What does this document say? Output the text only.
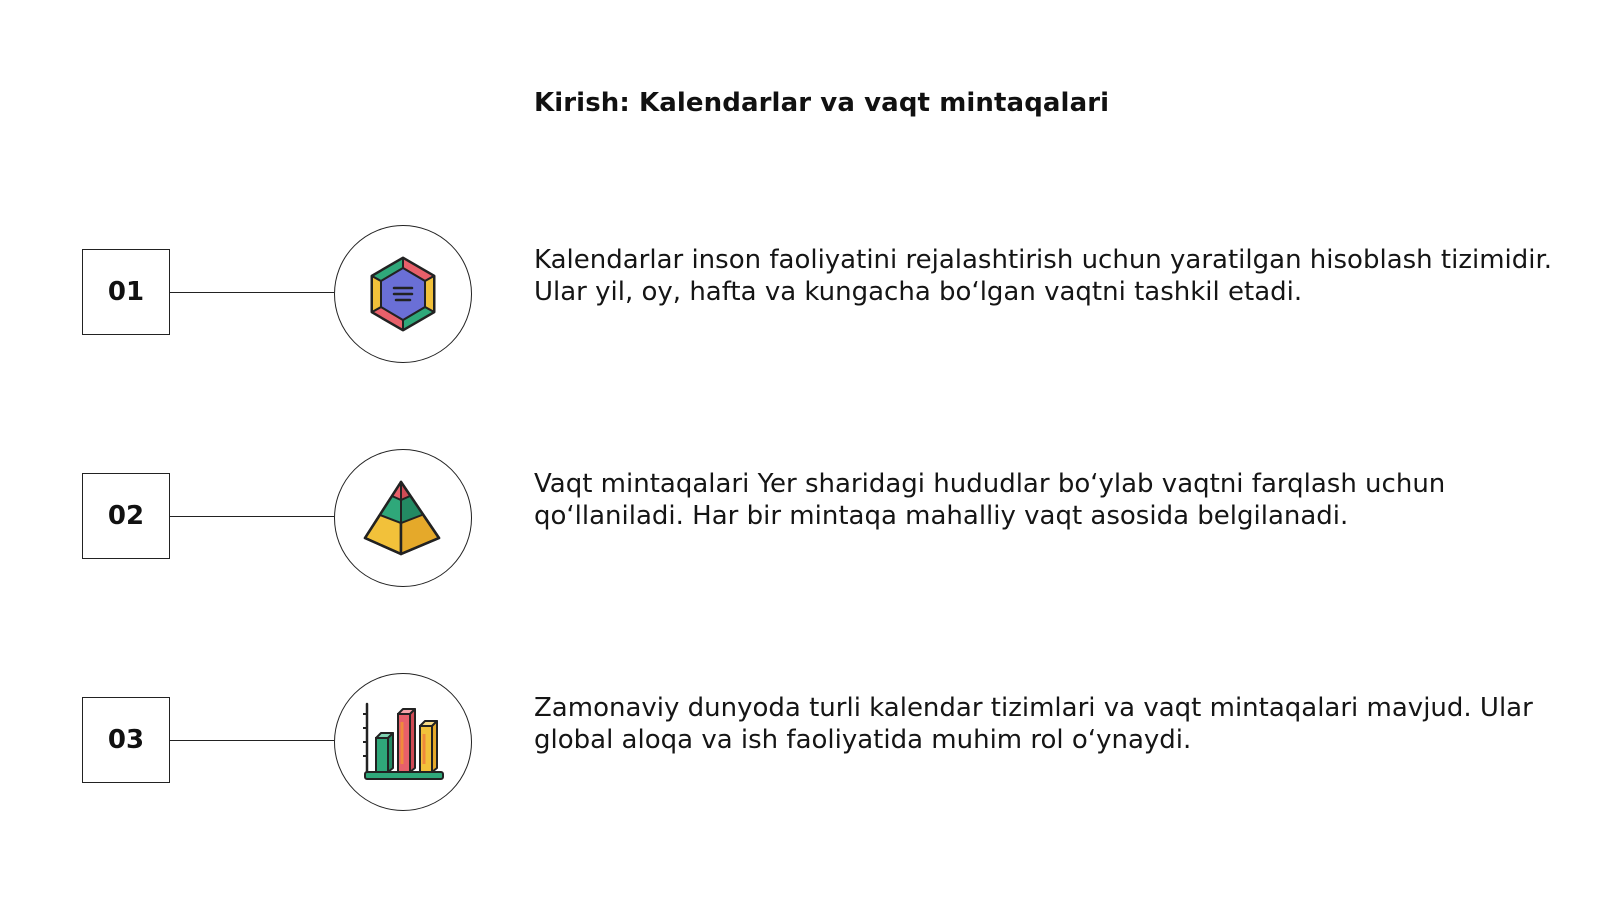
Kirish: Kalendarlar va vaqt mintaqalari
01
Kalendarlar inson faoliyatini rejalashtirish uchun yaratilgan hisoblash tizimidir. Ular yil, oy, hafta va kungacha bo‘lgan vaqtni tashkil etadi.
02
Vaqt mintaqalari Yer sharidagi hududlar bo‘ylab vaqtni farqlash uchun qo‘llaniladi. Har bir mintaqa mahalliy vaqt asosida belgilanadi.
03
Zamonaviy dunyoda turli kalendar tizimlari va vaqt mintaqalari mavjud. Ular global aloqa va ish faoliyatida muhim rol o‘ynaydi.
